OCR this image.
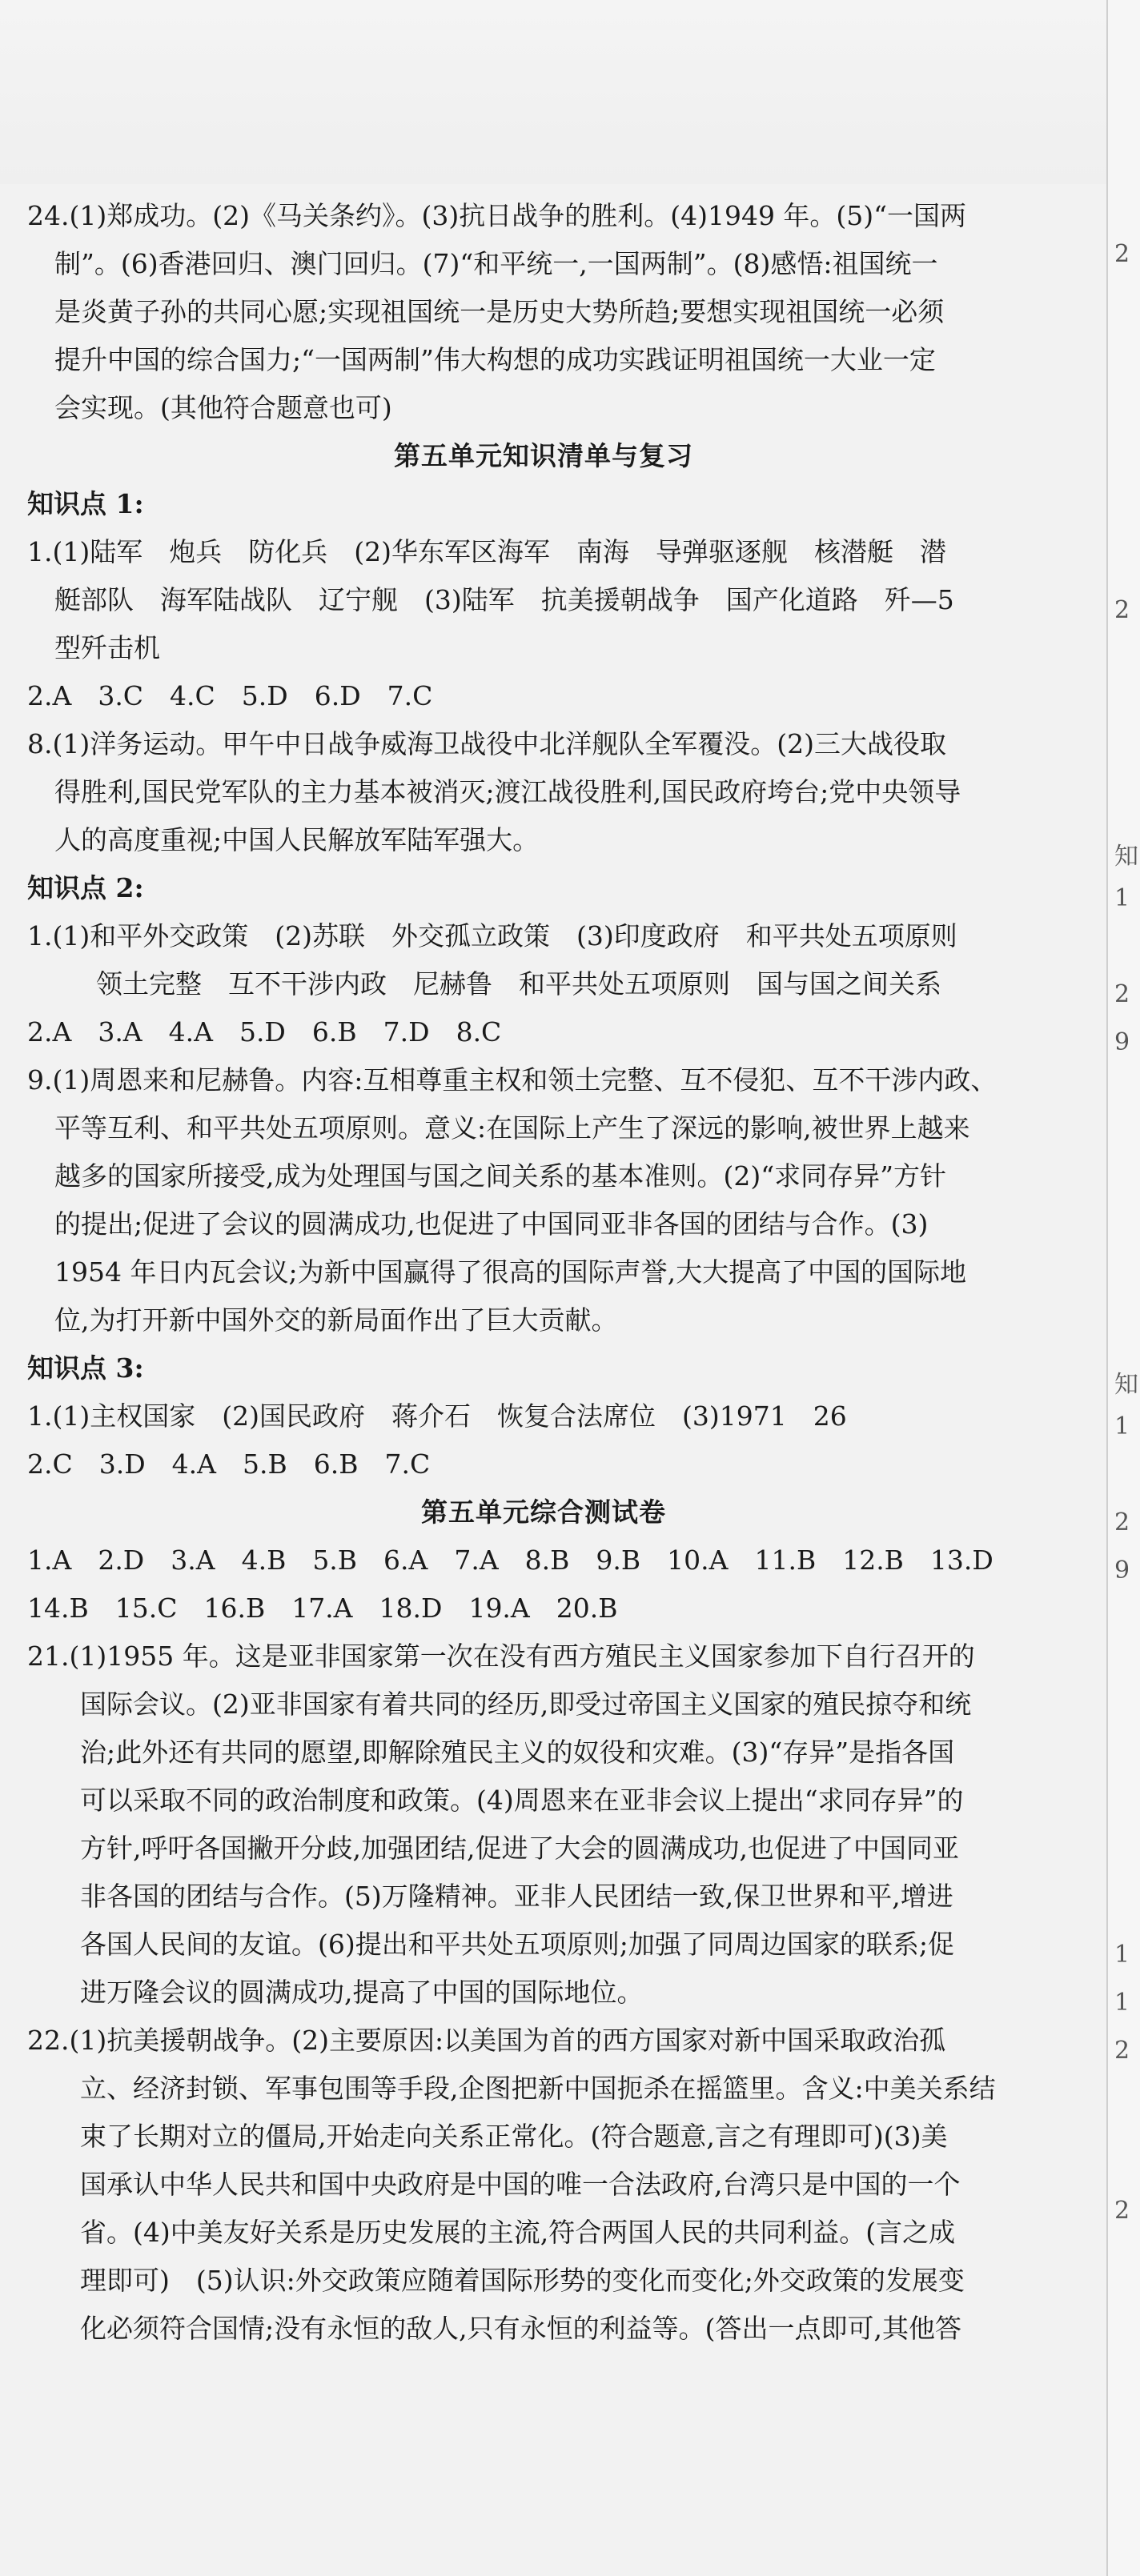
24.(1)郑成功。(2)《马关条约》。(3)抗日战争的胜利。(4)1949 年。(5)“一国两
制”。(6)香港回归、澳门回归。(7)“和平统一,一国两制”。(8)感悟:祖国统一
是炎黄子孙的共同心愿;实现祖国统一是历史大势所趋;要想实现祖国统一必须
提升中国的综合国力;“一国两制”伟大构想的成功实践证明祖国统一大业一定
会实现。(其他符合题意也可)
第五单元知识清单与复习
知识点 1:
1.(1)陆军　炮兵　防化兵　(2)华东军区海军　南海　导弹驱逐舰　核潜艇　潜
艇部队　海军陆战队　辽宁舰　(3)陆军　抗美援朝战争　国产化道路　歼—5
型歼击机
2.A　3.C　4.C　5.D　6.D　7.C
8.(1)洋务运动。甲午中日战争威海卫战役中北洋舰队全军覆没。(2)三大战役取
得胜利,国民党军队的主力基本被消灭;渡江战役胜利,国民政府垮台;党中央领导
人的高度重视;中国人民解放军陆军强大。
知识点 2:
1.(1)和平外交政策　(2)苏联　外交孤立政策　(3)印度政府　和平共处五项原则
领土完整　互不干涉内政　尼赫鲁　和平共处五项原则　国与国之间关系
2.A　3.A　4.A　5.D　6.B　7.D　8.C
9.(1)周恩来和尼赫鲁。内容:互相尊重主权和领土完整、互不侵犯、互不干涉内政、
平等互利、和平共处五项原则。意义:在国际上产生了深远的影响,被世界上越来
越多的国家所接受,成为处理国与国之间关系的基本准则。(2)“求同存异”方针
的提出;促进了会议的圆满成功,也促进了中国同亚非各国的团结与合作。(3)
1954 年日内瓦会议;为新中国赢得了很高的国际声誉,大大提高了中国的国际地
位,为打开新中国外交的新局面作出了巨大贡献。
知识点 3:
1.(1)主权国家　(2)国民政府　蒋介石　恢复合法席位　(3)1971　26
2.C　3.D　4.A　5.B　6.B　7.C
第五单元综合测试卷
1.A　2.D　3.A　4.B　5.B　6.A　7.A　8.B　9.B　10.A　11.B　12.B　13.D
14.B　15.C　16.B　17.A　18.D　19.A　20.B
21.(1)1955 年。这是亚非国家第一次在没有西方殖民主义国家参加下自行召开的
国际会议。(2)亚非国家有着共同的经历,即受过帝国主义国家的殖民掠夺和统
治;此外还有共同的愿望,即解除殖民主义的奴役和灾难。(3)“存异”是指各国
可以采取不同的政治制度和政策。(4)周恩来在亚非会议上提出“求同存异”的
方针,呼吁各国撇开分歧,加强团结,促进了大会的圆满成功,也促进了中国同亚
非各国的团结与合作。(5)万隆精神。亚非人民团结一致,保卫世界和平,增进
各国人民间的友谊。(6)提出和平共处五项原则;加强了同周边国家的联系;促
进万隆会议的圆满成功,提高了中国的国际地位。
22.(1)抗美援朝战争。(2)主要原因:以美国为首的西方国家对新中国采取政治孤
立、经济封锁、军事包围等手段,企图把新中国扼杀在摇篮里。含义:中美关系结
束了长期对立的僵局,开始走向关系正常化。(符合题意,言之有理即可)(3)美
国承认中华人民共和国中央政府是中国的唯一合法政府,台湾只是中国的一个
省。(4)中美友好关系是历史发展的主流,符合两国人民的共同利益。(言之成
理即可)　(5)认识:外交政策应随着国际形势的变化而变化;外交政策的发展变
化必须符合国情;没有永恒的敌人,只有永恒的利益等。(答出一点即可,其他答
2
2
知
1
2
9
知
1
2
9
1
1
2
2
